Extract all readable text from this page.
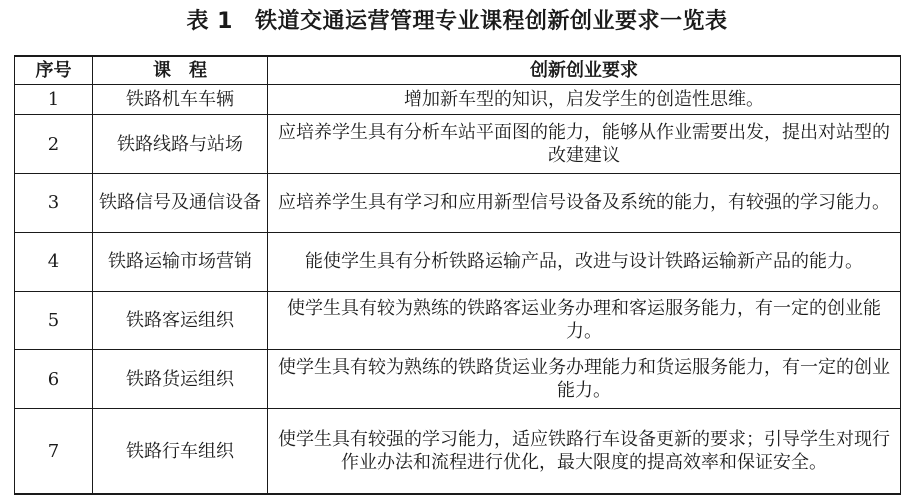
表 1 铁道交通运营管理专业课程创新创业要求一览表
序号	课　程	创新创业要求
1	铁路机车车辆	增加新车型的知识，启发学生的创造性思维。
2	铁路线路与站场	应培养学生具有分析车站平面图的能力，能够从作业需要出发，提出对站型的改建建议
3	铁路信号及通信设备	应培养学生具有学习和应用新型信号设备及系统的能力，有较强的学习能力。
4	铁路运输市场营销	能使学生具有分析铁路运输产品，改进与设计铁路运输新产品的能力。
5	铁路客运组织	使学生具有较为熟练的铁路客运业务办理和客运服务能力，有一定的创业能力。
6	铁路货运组织	使学生具有较为熟练的铁路货运业务办理能力和货运服务能力，有一定的创业能力。
7	铁路行车组织	使学生具有较强的学习能力，适应铁路行车设备更新的要求；引导学生对现行作业办法和流程进行优化，最大限度的提高效率和保证安全。
